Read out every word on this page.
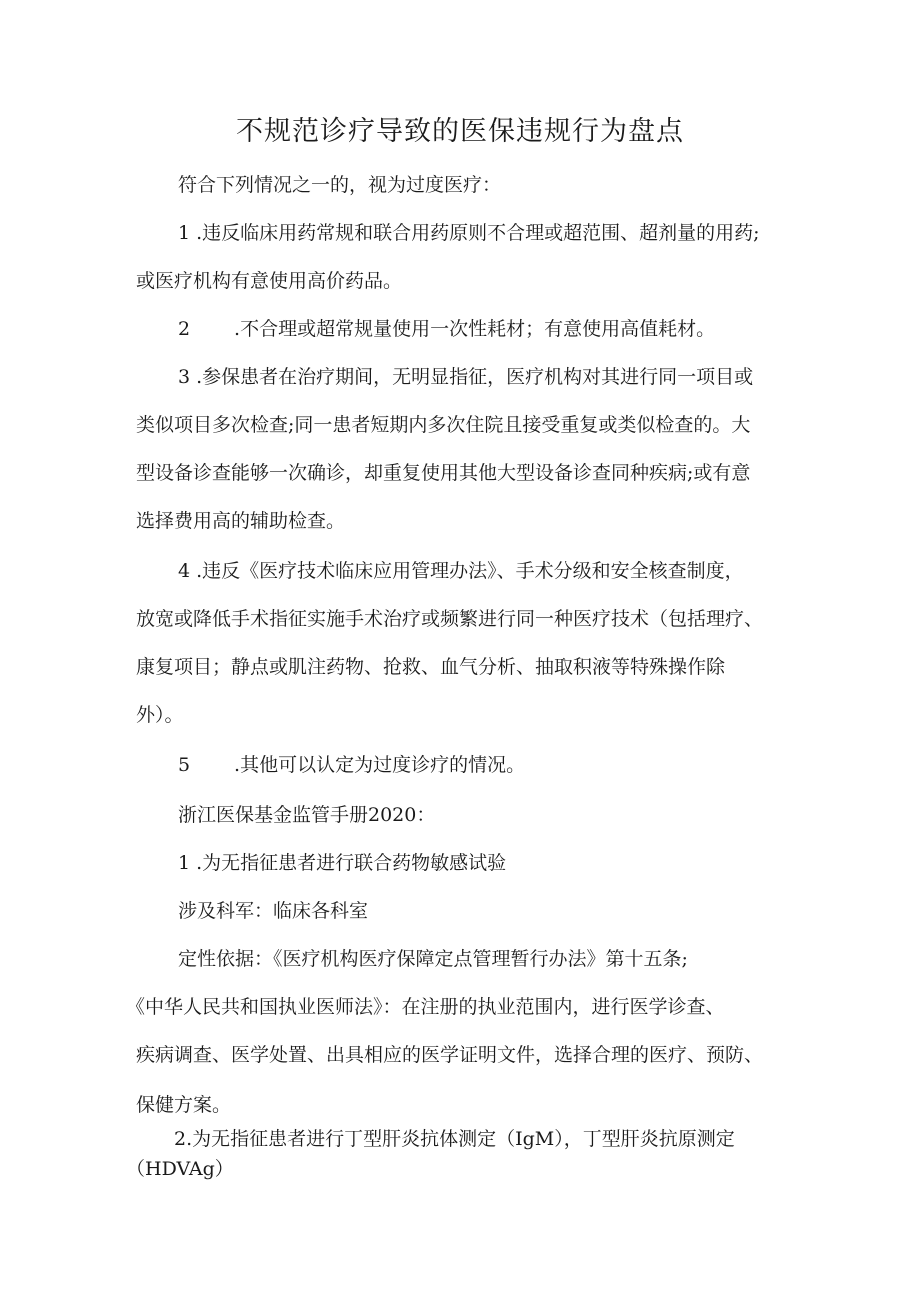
不规范诊疗导致的医保违规行为盘点
符合下列情况之一的，视为过度医疗：
1 .违反临床用药常规和联合用药原则不合理或超范围、超剂量的用药;
或医疗机构有意使用高价药品。
2 .不合理或超常规量使用一次性耗材；有意使用高值耗材。
3 .参保患者在治疗期间，无明显指征，医疗机构对其进行同一项目或
类似项目多次检查;同一患者短期内多次住院且接受重复或类似检查的。大
型设备诊查能够一次确诊，却重复使用其他大型设备诊查同种疾病;或有意
选择费用高的辅助检查。
4 .违反《医疗技术临床应用管理办法》、手术分级和安全核查制度，
放宽或降低手术指征实施手术治疗或频繁进行同一种医疗技术（包括理疗、
康复项目；静点或肌注药物、抢救、血气分析、抽取积液等特殊操作除
外）。
5 .其他可以认定为过度诊疗的情况。
浙江医保基金监管手册2020：
1 .为无指征患者进行联合药物敏感试验
涉及科军：临床各科室
定性依据：《医疗机构医疗保障定点管理暂行办法》第十五条;
《中华人民共和国执业医师法》：在注册的执业范围内，进行医学诊查、
疾病调查、医学处置、出具相应的医学证明文件，选择合理的医疗、预防、
保健方案。
2.为无指征患者进行丁型肝炎抗体测定（IgM），丁型肝炎抗原测定
（HDVAg）
